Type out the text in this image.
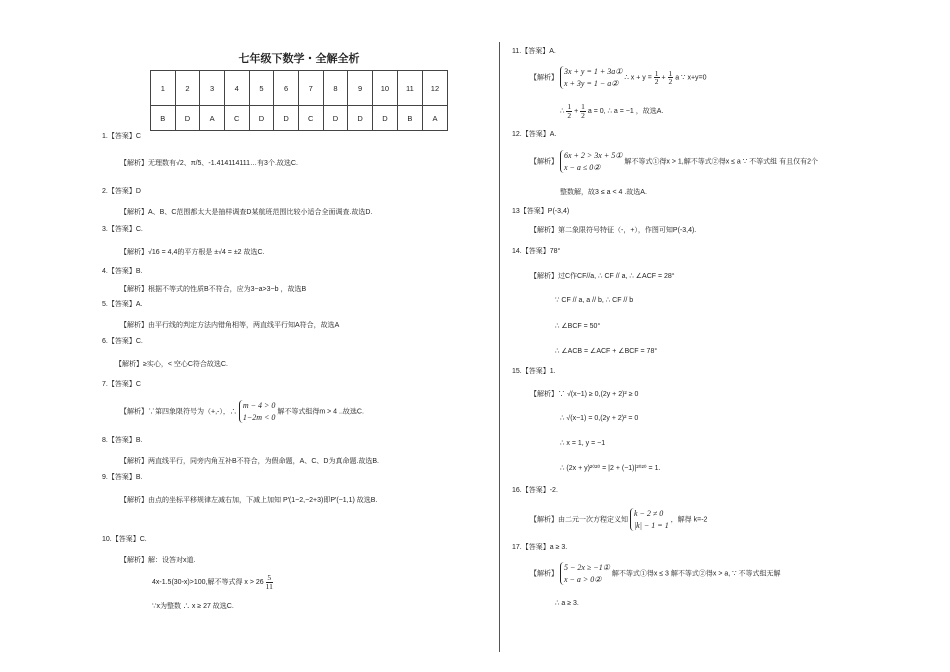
七年级下数学・全解全析
1	2	3	4	5	6	7	8	9	10	11	12
B	D	A	C	D	D	C	D	D	D	B	A
1.【答案】C
【解析】无理数有√2、π/5、-1.414114111…有3个.故选C.
2.【答案】D
【解析】A、B、C范围都太大是抽样调查D某航班范围比较小适合全面调查.故选D.
3.【答案】C.
【解析】√16 = 4,4的平方根是 ±√4 = ±2 故选C.
4.【答案】B.
【解析】根据不等式的性质B不符合，应为3−a>3−b ，故选B
5.【答案】A.
【解析】由平行线的判定方法内错角相等，两直线平行知A符合，故选A
6.【答案】C.
【解析】≥实心，< 空心C符合故选C.
7.【答案】C
【解析】∵第四象限符号为（+,-），∴ m − 4 > 0
1−2m < 0 解不等式组得m > 4 ..故选C.
8.【答案】B.
【解析】两直线平行，同旁内角互补B不符合，为假命题，A、C、D为真命题.故选B.
9.【答案】B.
【解析】由点的坐标平移规律左减右加，下减上加知 P′(1−2,−2+3)即P′(−1,1) 故选B.
10.【答案】C.
【解析】解：设答对x道.
4x-1.5(30-x)>100,解不等式得 $x > 26 \frac{5}{11}$
∵x为整数 ∴ x ≥ 27 故选C.
11.【答案】A.
【解析】 3x + y = 1 + 3a①
x + 3y = 1 − a② ∴ $x + y = \frac{1}{2} + \frac{1}{2}$ a ∵ x+y=0
∴ $\frac{1}{2} + \frac{1}{2}$ a = 0, ∴ a = −1 ，故选A.
12.【答案】A.
【解析】 6x + 2 > 3x + 5①
x − a ≤ 0② 解不等式①得x > 1,解不等式②得x ≤ a ∵ 不等式组 有且仅有2个
整数解，故3 ≤ a < 4 .故选A.
13【答案】P(-3,4)
【解析】第二象限符号特征（-，+），作图可知P(-3,4).
14.【答案】78°
【解析】过C作CF//a, ∴ CF // a, ∴ ∠ACF = 28°
∵ CF // a, a // b, ∴ CF // b
∴ ∠BCF = 50°
∴ ∠ACB = ∠ACF + ∠BCF = 78°
15.【答案】1.
【解析】∵ √(x−1) ≥ 0,(2y + 2)² ≥ 0
∴ √(x−1) = 0,(2y + 2)² = 0
∴ x = 1, y = −1
∴ (2x + y)²⁰²⁰ = |2 + (−1)|²⁰²⁰ = 1.
16.【答案】-2.
【解析】由二元一次方程定义知 k − 2 ≠ 0
|k| − 1 = 1 ，解得 k=-2
17.【答案】a ≥ 3.
【解析】 5 − 2x ≥ −1①
x − a > 0② 解不等式①得x ≤ 3 解不等式②得x > a, ∵ 不等式组无解
∴ a ≥ 3.
